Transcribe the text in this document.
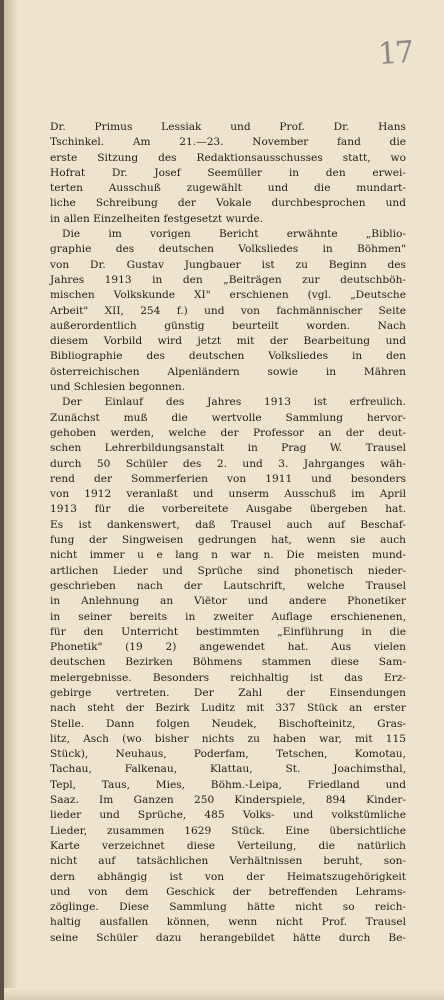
17
Dr. Primus Lessiak und Prof. Dr. Hans
Tschinkel. Am 21.—23. November fand die
erste Sitzung des Redaktionsausschusses statt, wo
Hofrat Dr. Josef Seemüller in den erwei-
terten Ausschuß zugewählt und die mundart-
liche Schreibung der Vokale durchbesprochen und
in allen Einzelheiten festgesetzt wurde.
Die im vorigen Bericht erwähnte „Biblio-
graphie des deutschen Volksliedes in Böhmen"
von Dr. Gustav Jungbauer ist zu Beginn des
Jahres 1913 in den „Beiträgen zur deutschböh-
mischen Volkskunde XI" erschienen (vgl. „Deutsche
Arbeit" XII, 254 f.) und von fachmännischer Seite
außerordentlich günstig beurteilt worden. Nach
diesem Vorbild wird jetzt mit der Bearbeitung und
Bibliographie des deutschen Volksliedes in den
österreichischen Alpenländern sowie in Mähren
und Schlesien begonnen.
Der Einlauf des Jahres 1913 ist erfreulich.
Zunächst muß die wertvolle Sammlung hervor-
gehoben werden, welche der Professor an der deut-
schen Lehrerbildungsanstalt in Prag W. Trausel
durch 50 Schüler des 2. und 3. Jahrganges wäh-
rend der Sommerferien von 1911 und besonders
von 1912 veranlaßt und unserm Ausschuß im April
1913 für die vorbereitete Ausgabe übergeben hat.
Es ist dankenswert, daß Trausel auch auf Beschaf-
fung der Singweisen gedrungen hat, wenn sie auch
nicht immer u e lang n war n. Die meisten mund-
artlichen Lieder und Sprüche sind phonetisch nieder-
geschrieben nach der Lautschrift, welche Trausel
in Anlehnung an Viëtor und andere Phonetiker
in seiner bereits in zweiter Auflage erschienenen,
für den Unterricht bestimmten „Einführung in die
Phonetik" (19 2) angewendet hat. Aus vielen
deutschen Bezirken Böhmens stammen diese Sam-
melergebnisse. Besonders reichhaltig ist das Erz-
gebirge vertreten. Der Zahl der Einsendungen
nach steht der Bezirk Luditz mit 337 Stück an erster
Stelle. Dann folgen Neudek, Bischofteinitz, Gras-
litz, Asch (wo bisher nichts zu haben war, mit 115
Stück), Neuhaus, Poderfam, Tetschen, Komotau,
Tachau, Falkenau, Klattau, St. Joachimsthal,
Tepl, Taus, Mies, Böhm.-Leipa, Friedland und
Saaz. Im Ganzen 250 Kinderspiele, 894 Kinder-
lieder und Sprüche, 485 Volks- und volkstümliche
Lieder, zusammen 1629 Stück. Eine übersichtliche
Karte verzeichnet diese Verteilung, die natürlich
nicht auf tatsächlichen Verhältnissen beruht, son-
dern abhängig ist von der Heimatszugehörigkeit
und von dem Geschick der betreffenden Lehrams-
zöglinge. Diese Sammlung hätte nicht so reich-
haltig ausfallen können, wenn nicht Prof. Trausel
seine Schüler dazu herangebildet hätte durch Be-
